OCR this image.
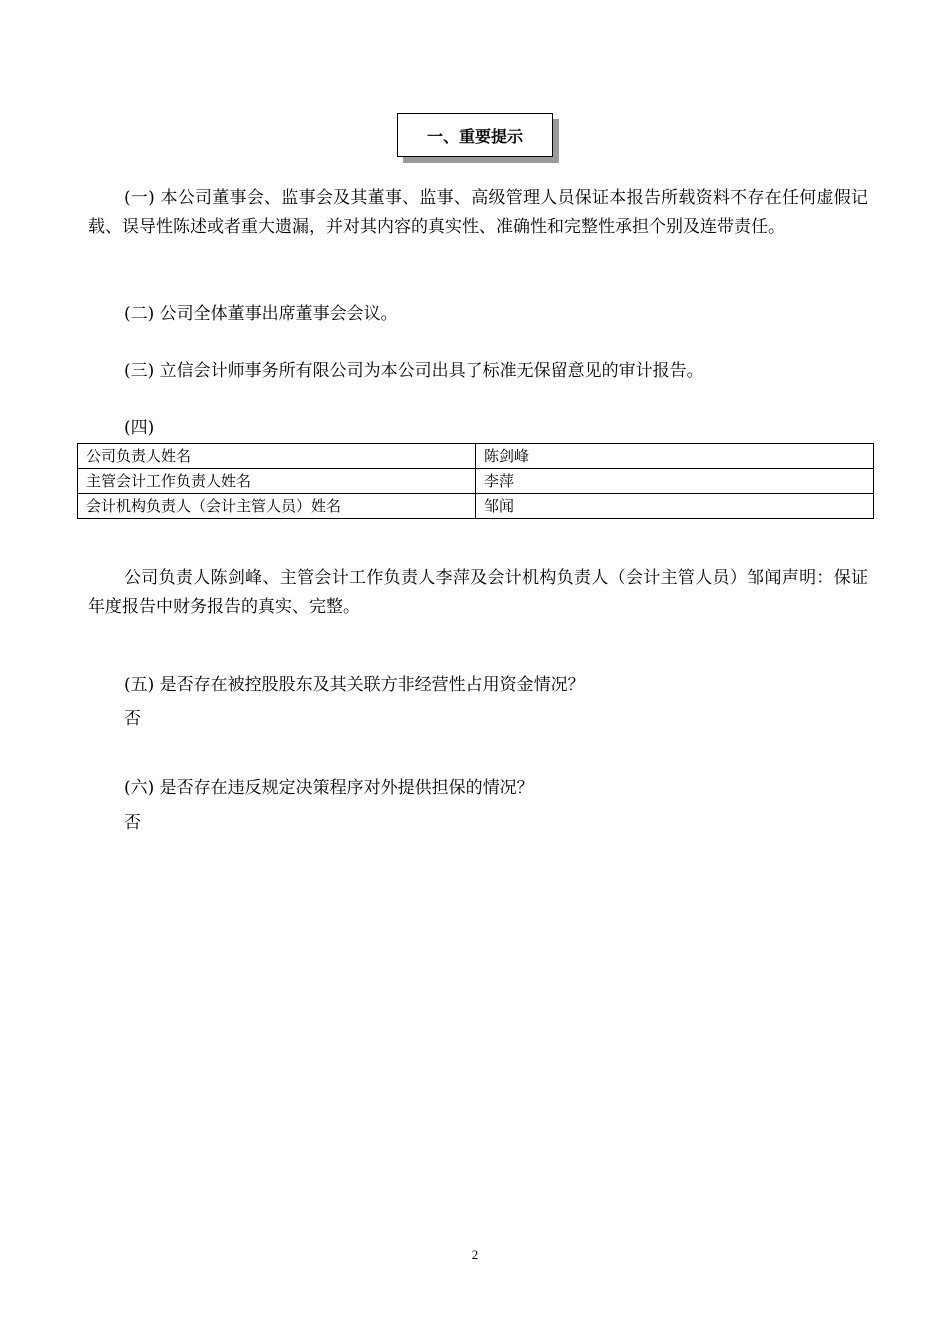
一、重要提示

(一) 本公司董事会、监事会及其董事、监事、高级管理人员保证本报告所载资料不存在任何虚假记载、误导性陈述或者重大遗漏，并对其内容的真实性、准确性和完整性承担个别及连带责任。

(二) 公司全体董事出席董事会会议。

(三) 立信会计师事务所有限公司为本公司出具了标准无保留意见的审计报告。

(四)

公司负责人姓名	陈剑峰
主管会计工作负责人姓名	李萍
会计机构负责人（会计主管人员）姓名	邹闻

公司负责人陈剑峰、主管会计工作负责人李萍及会计机构负责人（会计主管人员）邹闻声明：保证年度报告中财务报告的真实、完整。

(五) 是否存在被控股股东及其关联方非经营性占用资金情况？

否

(六) 是否存在违反规定决策程序对外提供担保的情况？

否

2
